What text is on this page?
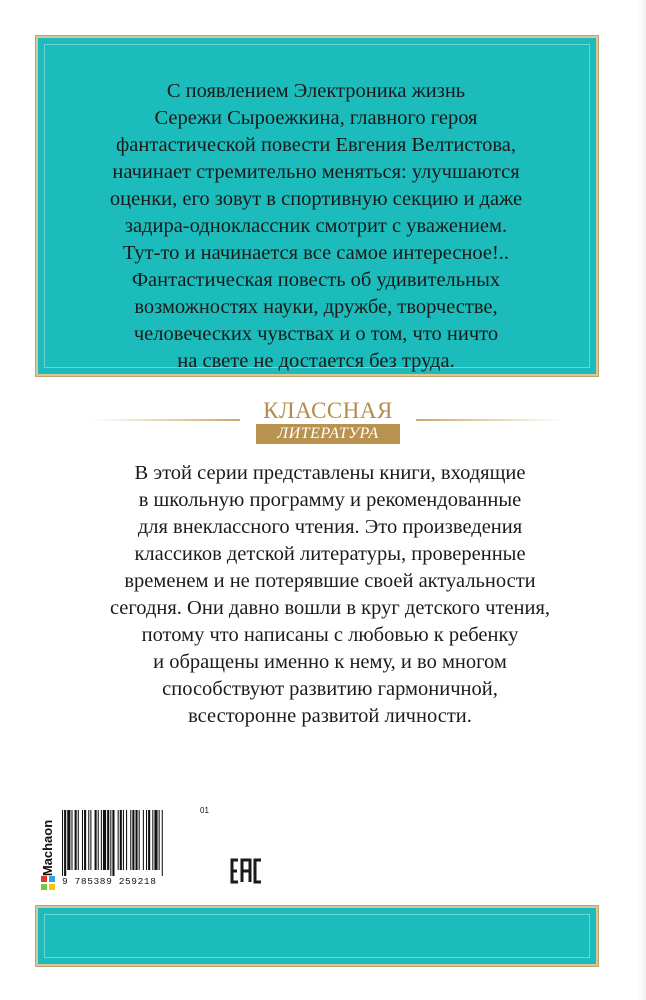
С появлением Электроника жизнь
Сережи Сыроежкина, главного героя
фантастической повести Евгения Велтистова,
начинает стремительно меняться: улучшаются
оценки, его зовут в спортивную секцию и даже
задира-одноклассник смотрит с уважением.
Тут-то и начинается все самое интересное!..
Фантастическая повесть об удивительных
возможностях науки, дружбе, творчестве,
человеческих чувствах и о том, что ничто
на свете не достается без труда.

КЛАССНАЯ
ЛИТЕРАТУРА

В этой серии представлены книги, входящие
в школьную программу и рекомендованные
для внеклассного чтения. Это произведения
классиков детской литературы, проверенные
временем и не потерявшие своей актуальности
сегодня. Они давно вошли в круг детского чтения,
потому что написаны с любовью к ребенку
и обращены именно к нему, и во многом
способствуют развитию гармоничной,
всесторонне развитой личности.

Machaon
01
9 785389 259218
